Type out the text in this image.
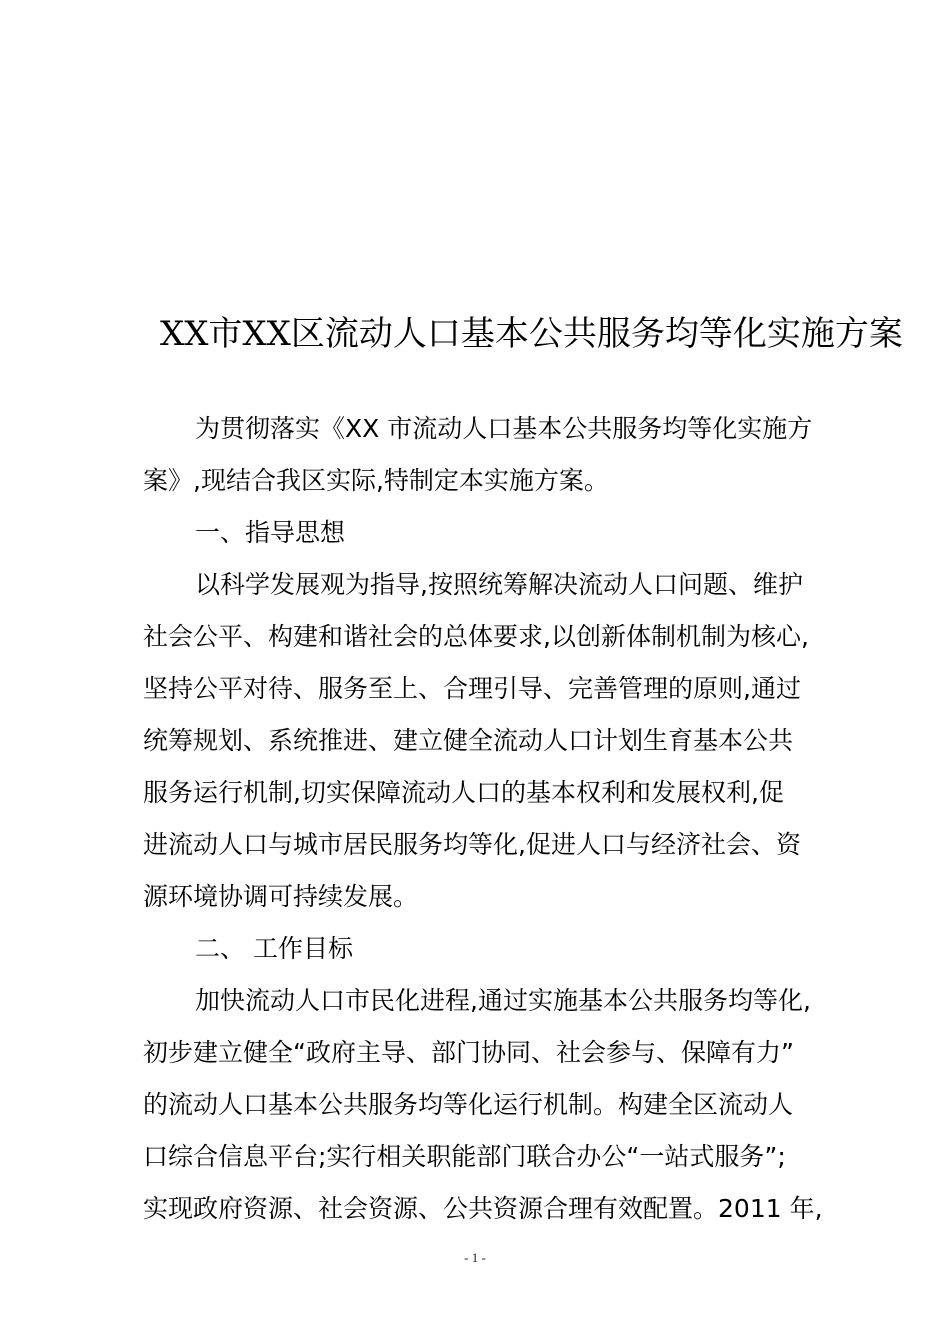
XX市XX区流动人口基本公共服务均等化实施方案
为贯彻落实《XX 市流动人口基本公共服务均等化实施方
案》,现结合我区实际,特制定本实施方案。
一、指导思想
以科学发展观为指导,按照统筹解决流动人口问题、维护
社会公平、构建和谐社会的总体要求,以创新体制机制为核心,
坚持公平对待、服务至上、合理引导、完善管理的原则,通过
统筹规划、系统推进、建立健全流动人口计划生育基本公共
服务运行机制,切实保障流动人口的基本权利和发展权利,促
进流动人口与城市居民服务均等化,促进人口与经济社会、资
源环境协调可持续发展。
二、 工作目标
加快流动人口市民化进程,通过实施基本公共服务均等化,
初步建立健全“政府主导、部门协同、社会参与、保障有力”
的流动人口基本公共服务均等化运行机制。构建全区流动人
口综合信息平台;实行相关职能部门联合办公“一站式服务”;
实现政府资源、社会资源、公共资源合理有效配置。2011 年,
- 1 -
